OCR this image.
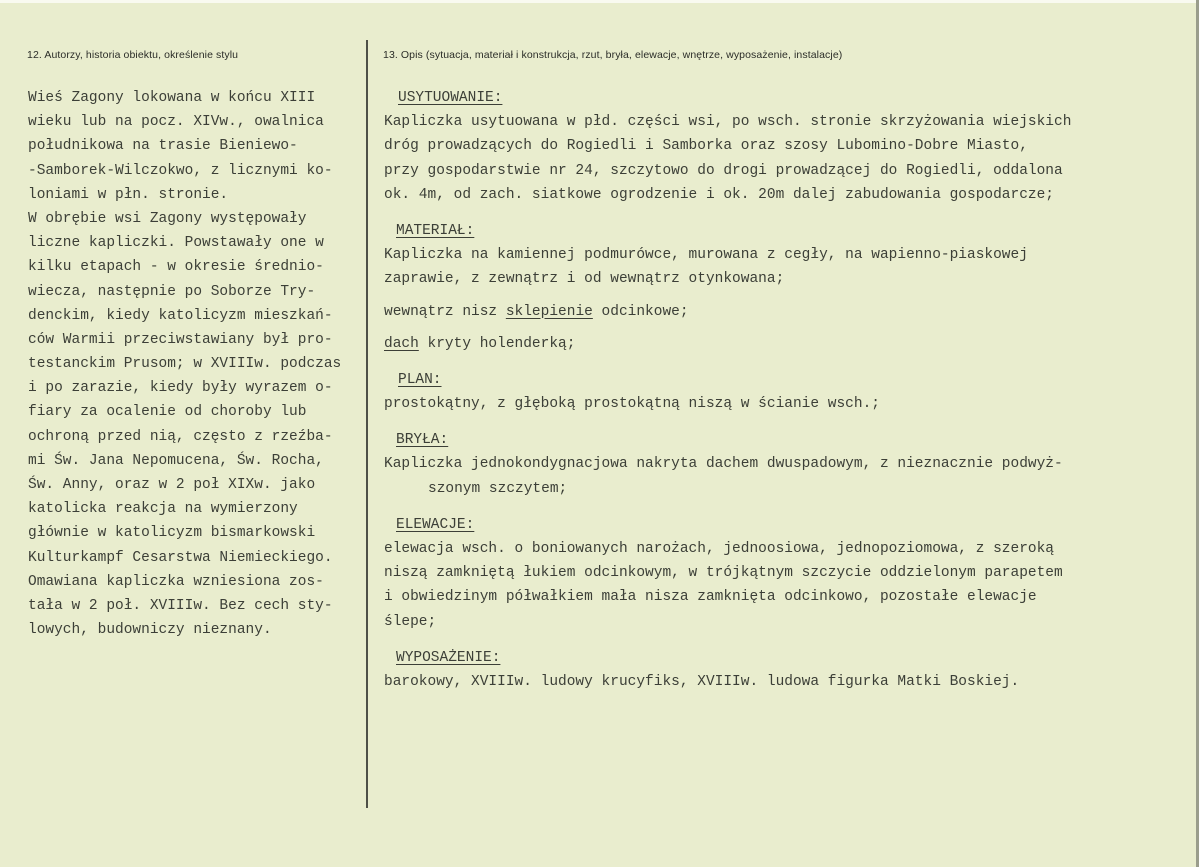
12. Autorzy, historia obiektu, określenie stylu	13. Opis (sytuacja, materiał i konstrukcja, rzut, bryła, elewacje, wnętrze, wyposażenie, instalacje)
Wieś Zagony lokowana w końcu XIII
wieku lub na pocz. XIVw., owalnica
południkowa na trasie Bieniewo-
-Samborek-Wilczokwo, z licznymi ko-
loniami w płn. stronie.
W obrębie wsi Zagony występowały
liczne kapliczki. Powstawały one w
kilku etapach - w okresie średnio-
wiecza, następnie po Soborze Try-
denckim, kiedy katolicyzm mieszkań-
ców Warmii przeciwstawiany był pro-
testanckim Prusom; w XVIIIw. podczas
i po zarazie, kiedy były wyrazem o-
fiary za ocalenie od choroby lub
ochroną przed nią, często z rzeźba-
mi Św. Jana Nepomucena, Św. Rocha,
Św. Anny, oraz w 2 poł XIXw. jako
katolicka reakcja na wymierzony
głównie w katolicyzm bismarkowski
Kulturkampf Cesarstwa Niemieckiego.
Omawiana kapliczka wzniesiona zos-
tała w 2 poł. XVIIIw. Bez cech sty-
lowych, budowniczy nieznany.
USYTUOWANIE:
Kapliczka usytuowana w płd. części wsi, po wsch. stronie skrzyżowania wiejskich
dróg prowadzących do Rogiedli i Samborka oraz szosy Lubomino-Dobre Miasto,
przy gospodarstwie nr 24, szczytowo do drogi prowadzącej do Rogiedli, oddalona
ok. 4m, od zach. siatkowe ogrodzenie i ok. 20m dalej zabudowania gospodarcze;
MATERIAŁ:
Kapliczka na kamiennej podmurówce, murowana z cegły, na wapienno-piaskowej
zaprawie, z zewnątrz i od wewnątrz otynkowana;
wewnątrz nisz sklepienie odcinkowe;
dach kryty holenderką;
PLAN:
prostokątny, z głęboką prostokątną niszą w ścianie wsch.;
BRYŁA:
Kapliczka jednokondygnacjowa nakryta dachem dwuspadowym, z nieznacznie podwyż-
szonym szczytem;
ELEWACJE:
elewacja wsch. o boniowanych narożach, jednoosiowa, jednopoziomowa, z szeroką
niszą zamkniętą łukiem odcinkowym, w trójkątnym szczycie oddzielonym parapetem
i obwiedzinym półwałkiem mała nisza zamknięta odcinkowo, pozostałe elewacje
ślepe;
WYPOSAŻENIE:
barokowy, XVIIIw. ludowy krucyfiks, XVIIIw. ludowa figurka Matki Boskiej.
